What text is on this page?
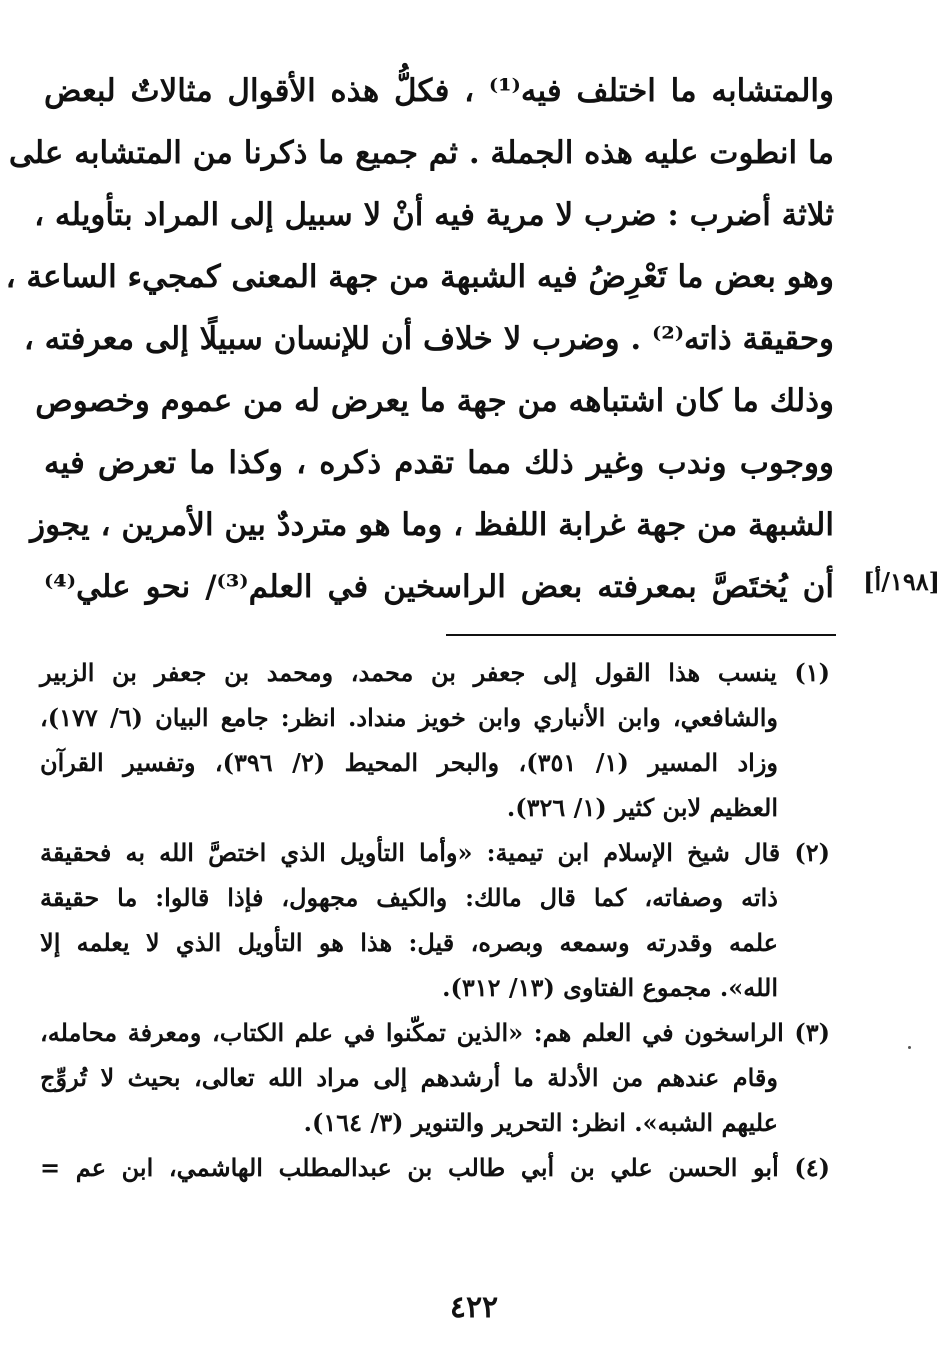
والمتشابه ما اختلف فيه⁽¹⁾ ، فكلُّ هذه الأقوال مثالاتٌ لبعض
ما انطوت عليه هذه الجملة . ثم جميع ما ذكرنا من المتشابه على
ثلاثة أضرب : ضرب لا مرية فيه أنْ لا سبيل إلى المراد بتأويله ،
وهو بعض ما تَعْرِضُ فيه الشبهة من جهة المعنى كمجيء الساعة ،
وحقيقة ذاته⁽²⁾ . وضرب لا خلاف أن للإنسان سبيلًا إلى معرفته ،
وذلك ما كان اشتباهه من جهة ما يعرض له من عموم وخصوص
ووجوب وندب وغير ذلك مما تقدم ذكره ، وكذا ما تعرض فيه
الشبهة من جهة غرابة اللفظ ، وما هو مترددٌ بين الأمرين ، يجوز
أن يُختَصَّ بمعرفته بعض الراسخين في العلم⁽³⁾/ نحو علي⁽⁴⁾	[١٩٨/أ]
(١) ينسب هذا القول إلى جعفر بن محمد، ومحمد بن جعفر بن الزبير
والشافعي، وابن الأنباري وابن خويز منداد. انظر: جامع البيان (٦/ ١٧٧)،
وزاد المسير (١/ ٣٥١)، والبحر المحيط (٢/ ٣٩٦)، وتفسير القرآن
العظيم لابن كثير (١/ ٣٢٦).
(٢) قال شيخ الإسلام ابن تيمية: «وأما التأويل الذي اختصَّ الله به فحقيقة
ذاته وصفاته، كما قال مالك: والكيف مجهول، فإذا قالوا: ما حقيقة
علمه وقدرته وسمعه وبصره، قيل: هذا هو التأويل الذي لا يعلمه إلا
الله». مجموع الفتاوى (١٣/ ٣١٢).
(٣) الراسخون في العلم هم: «الذين تمكّنوا في علم الكتاب، ومعرفة محامله،
وقام عندهم من الأدلة ما أرشدهم إلى مراد الله تعالى، بحيث لا تُروِّج
عليهم الشبه». انظر: التحرير والتنوير (٣/ ١٦٤).
(٤) أبو الحسن علي بن أبي طالب بن عبدالمطلب الهاشمي، ابن عم =
٤٢٢
